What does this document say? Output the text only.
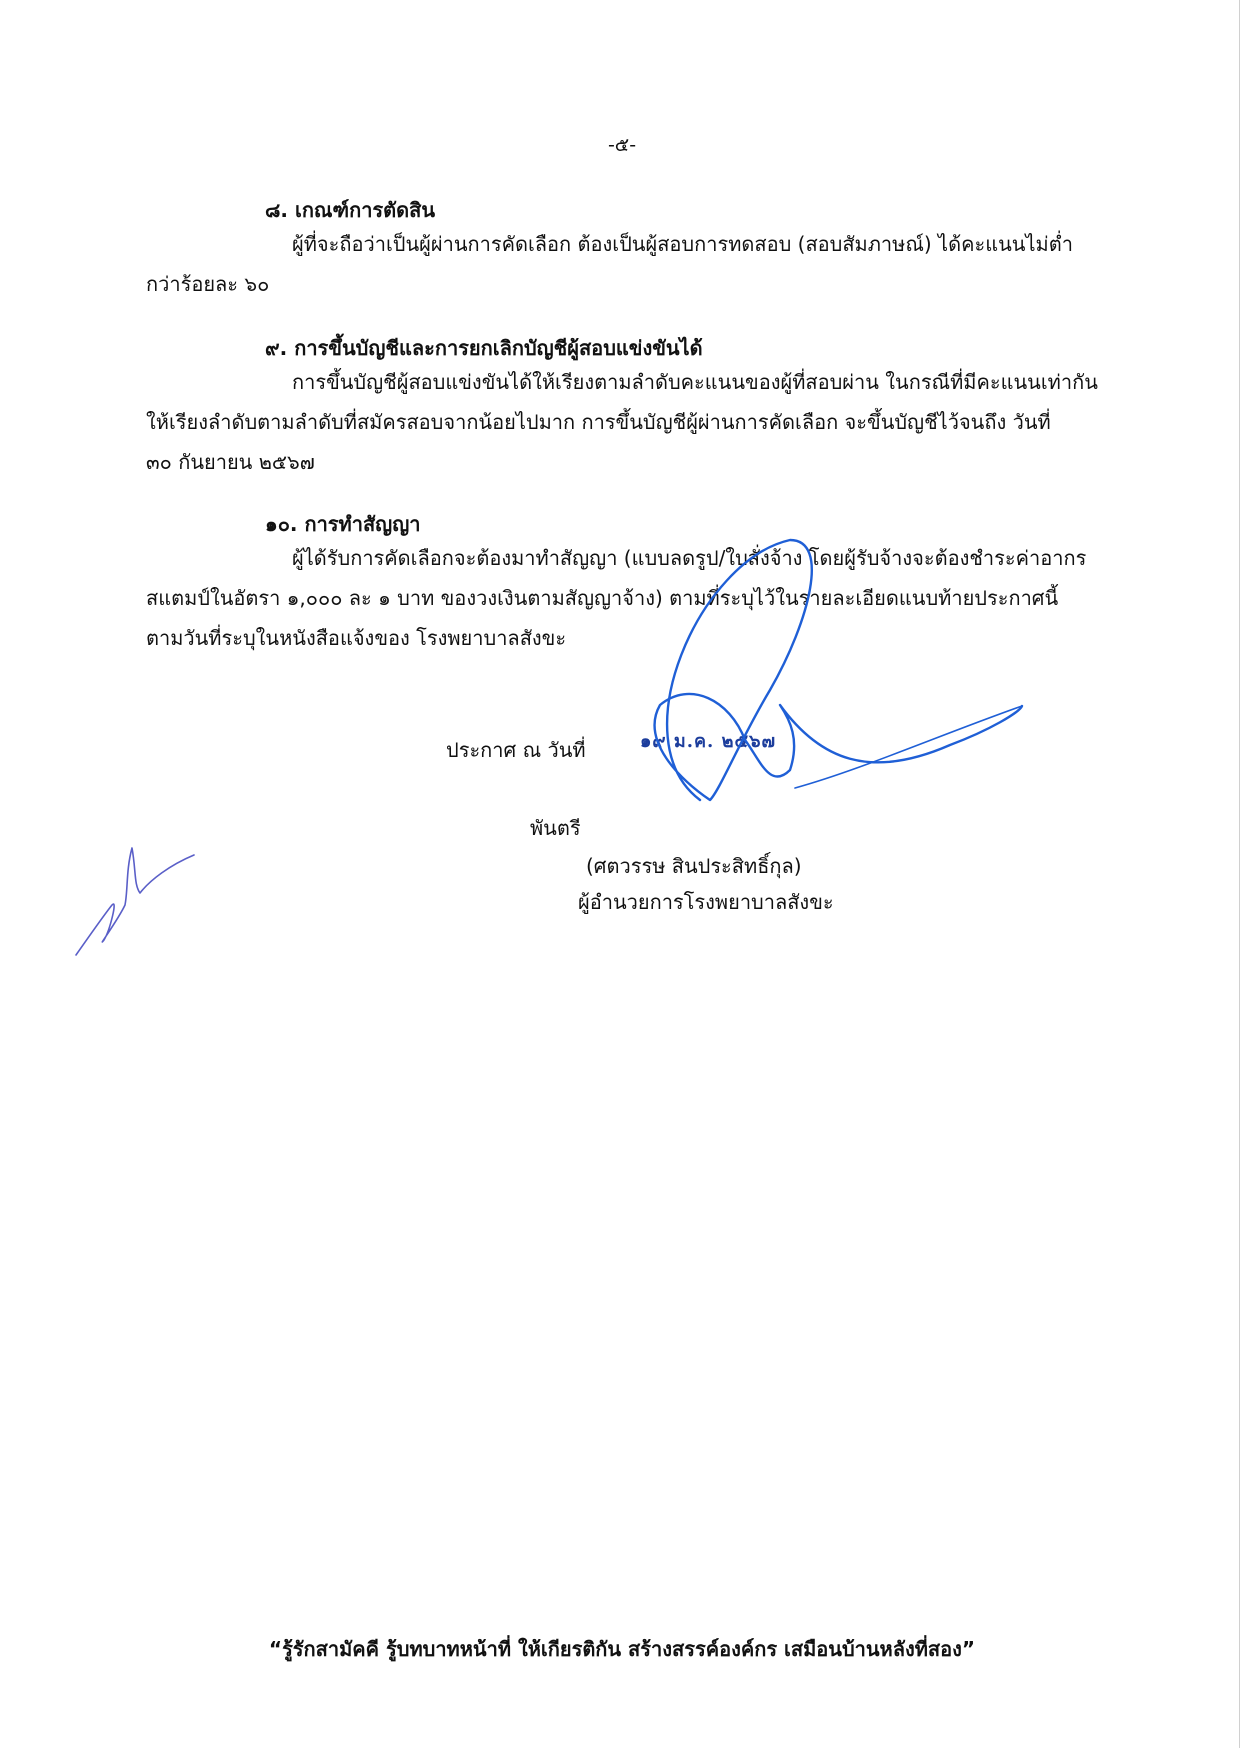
-๕-
๘. เกณฑ์การตัดสิน
ผู้ที่จะถือว่าเป็นผู้ผ่านการคัดเลือก ต้องเป็นผู้สอบการทดสอบ (สอบสัมภาษณ์) ได้คะแนนไม่ต่ำ
กว่าร้อยละ ๖๐
๙. การขึ้นบัญชีและการยกเลิกบัญชีผู้สอบแข่งขันได้
การขึ้นบัญชีผู้สอบแข่งขันได้ให้เรียงตามลำดับคะแนนของผู้ที่สอบผ่าน ในกรณีที่มีคะแนนเท่ากัน
ให้เรียงลำดับตามลำดับที่สมัครสอบจากน้อยไปมาก การขึ้นบัญชีผู้ผ่านการคัดเลือก จะขึ้นบัญชีไว้จนถึง วันที่
๓๐ กันยายน ๒๕๖๗
๑๐. การทำสัญญา
ผู้ได้รับการคัดเลือกจะต้องมาทำสัญญา (แบบลดรูป/ใบสั่งจ้าง โดยผู้รับจ้างจะต้องชำระค่าอากร
สแตมป์ในอัตรา ๑,๐๐๐ ละ ๑ บาท ของวงเงินตามสัญญาจ้าง) ตามที่ระบุไว้ในรายละเอียดแนบท้ายประกาศนี้
ตามวันที่ระบุในหนังสือแจ้งของ โรงพยาบาลสังขะ
ประกาศ ณ วันที่	๑๙ ม.ค. ๒๕๖๗
พันตรี
(ศตวรรษ สินประสิทธิ์กุล)
ผู้อำนวยการโรงพยาบาลสังขะ
“รู้รักสามัคคี รู้บทบาทหน้าที่ ให้เกียรติกัน สร้างสรรค์องค์กร เสมือนบ้านหลังที่สอง”
